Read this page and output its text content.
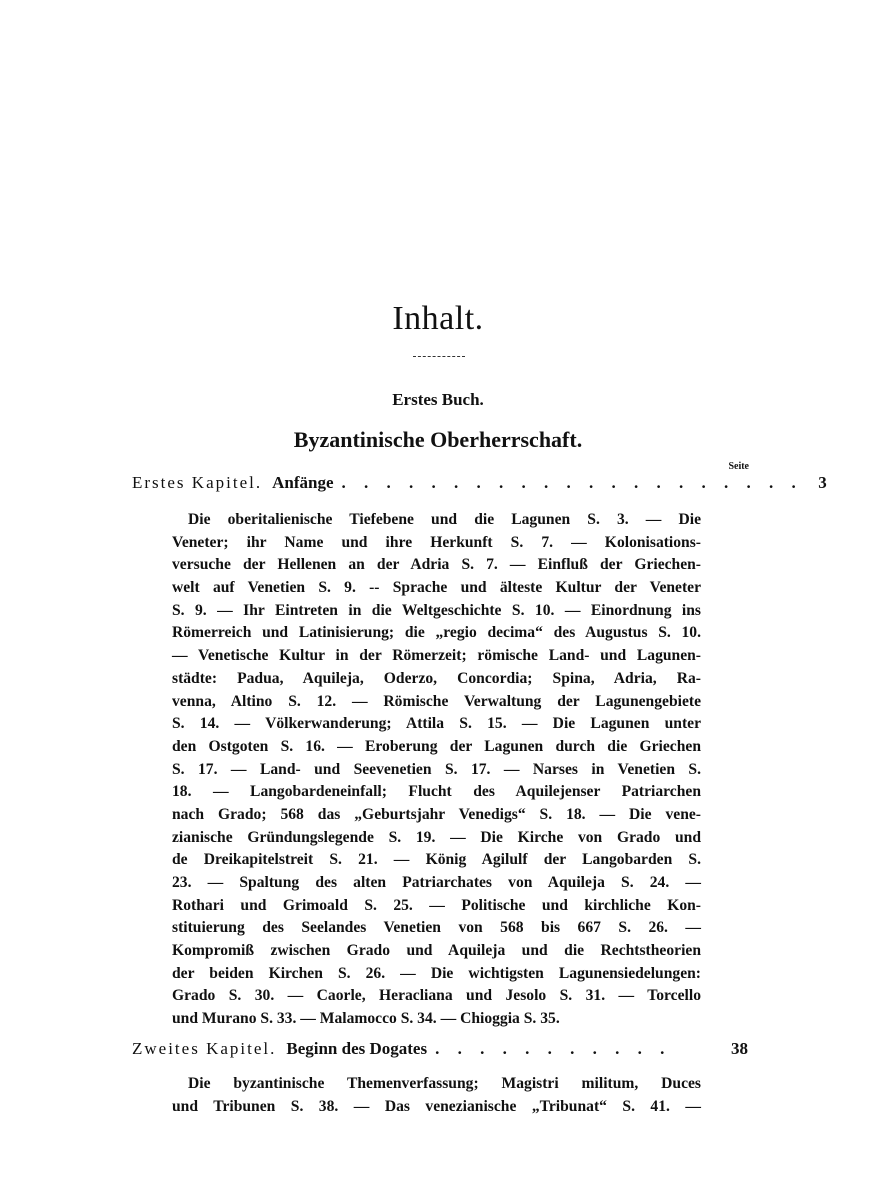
Inhalt.
Erstes Buch.
Byzantinische Oberherrschaft.
Seite
Erstes Kapitel. Anfänge . . . . . . . . . . . . . . . . . . . . . 3
Die oberitalienische Tiefebene und die Lagunen S. 3. — Die
Veneter; ihr Name und ihre Herkunft S. 7. — Kolonisations-
versuche der Hellenen an der Adria S. 7. — Einfluß der Griechen-
welt auf Venetien S. 9. -- Sprache und älteste Kultur der Veneter
S. 9. — Ihr Eintreten in die Weltgeschichte S. 10. — Einordnung ins
Römerreich und Latinisierung; die „regio decima“ des Augustus S. 10.
— Venetische Kultur in der Römerzeit; römische Land- und Lagunen-
städte: Padua, Aquileja, Oderzo, Concordia; Spina, Adria, Ra-
venna, Altino S. 12. — Römische Verwaltung der Lagunengebiete
S. 14. — Völkerwanderung; Attila S. 15. — Die Lagunen unter
den Ostgoten S. 16. — Eroberung der Lagunen durch die Griechen
S. 17. — Land- und Seevenetien S. 17. — Narses in Venetien S.
18. — Langobardeneinfall; Flucht des Aquilejenser Patriarchen
nach Grado; 568 das „Geburtsjahr Venedigs“ S. 18. — Die vene-
zianische Gründungslegende S. 19. — Die Kirche von Grado und
de Dreikapitelstreit S. 21. — König Agilulf der Langobarden S.
23. — Spaltung des alten Patriarchates von Aquileja S. 24. —
Rothari und Grimoald S. 25. — Politische und kirchliche Kon-
stituierung des Seelandes Venetien von 568 bis 667 S. 26. —
Kompromiß zwischen Grado und Aquileja und die Rechtstheorien
der beiden Kirchen S. 26. — Die wichtigsten Lagunensiedelungen:
Grado S. 30. — Caorle, Heracliana und Jesolo S. 31. — Torcello
und Murano S. 33. — Malamocco S. 34. — Chioggia S. 35.
Zweites Kapitel. Beginn des Dogates . . . . . . . . . . .	38
Die byzantinische Themenverfassung; Magistri militum, Duces
und Tribunen S. 38. — Das venezianische „Tribunat“ S. 41. —
